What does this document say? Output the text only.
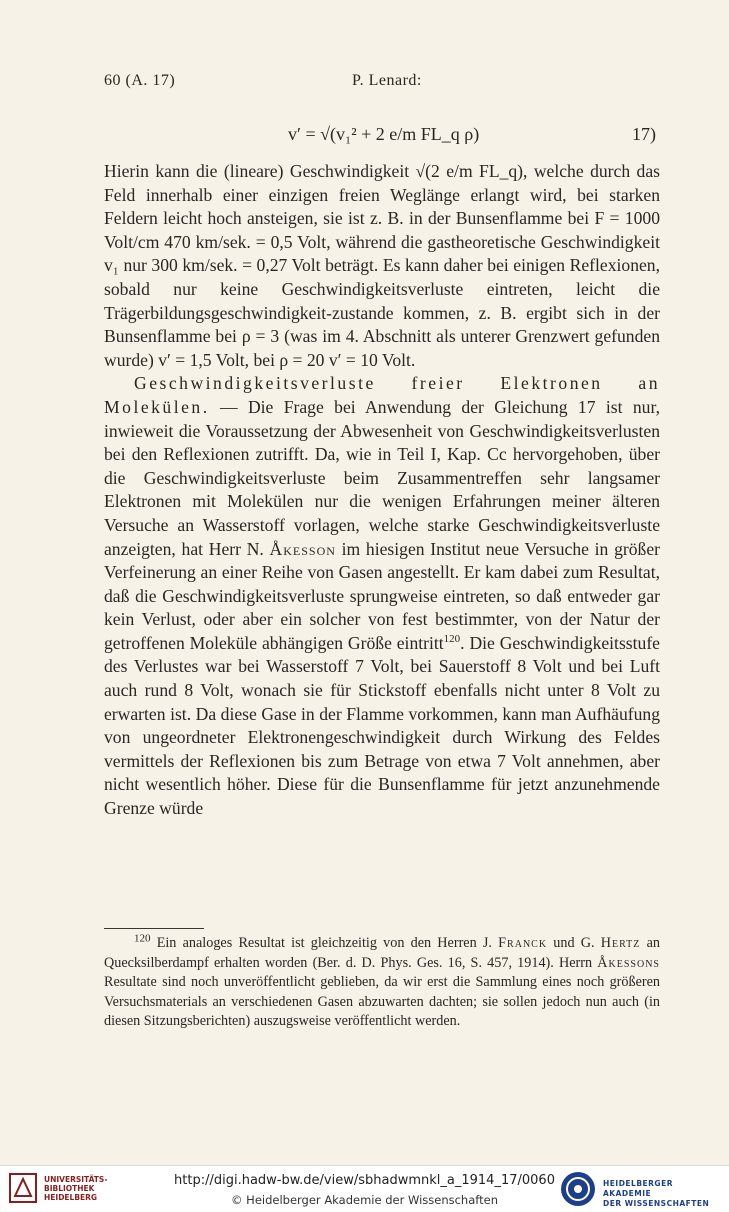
60 (A. 17)	P. Lenard:
v′ = √(v₁² + 2 e/m FL_q ρ)	17)

Hierin kann die (lineare) Geschwindigkeit √(2 e/m FL_q), welche durch das Feld innerhalb einer einzigen freien Weglänge erlangt wird, bei starken Feldern leicht hoch ansteigen, sie ist z. B. in der Bunsenflamme bei F = 1000 Volt/cm 470 km/sek. = 0,5 Volt, während die gastheoretische Geschwindigkeit v₁ nur 300 km/sek. = 0,27 Volt beträgt. Es kann daher bei einigen Reflexionen, sobald nur keine Geschwindigkeitsverluste eintreten, leicht die Trägerbildungsgeschwindigkeit-zustande kommen, z. B. ergibt sich in der Bunsenflamme bei ρ = 3 (was im 4. Abschnitt als unterer Grenzwert gefunden wurde) v′ = 1,5 Volt, bei ρ = 20 v′ = 10 Volt.

Geschwindigkeitsverluste freier Elektronen an Molekülen. — Die Frage bei Anwendung der Gleichung 17 ist nur, inwieweit die Voraussetzung der Abwesenheit von Geschwindigkeitsverlusten bei den Reflexionen zutrifft. Da, wie in Teil I, Kap. Cc hervorgehoben, über die Geschwindigkeitsverluste beim Zusammentreffen sehr langsamer Elektronen mit Molekülen nur die wenigen Erfahrungen meiner älteren Versuche an Wasserstoff vorlagen, welche starke Geschwindigkeitsverluste anzeigten, hat Herr N. Åkesson im hiesigen Institut neue Versuche in größer Verfeinerung an einer Reihe von Gasen angestellt. Er kam dabei zum Resultat, daß die Geschwindigkeitsverluste sprungweise eintreten, so daß entweder gar kein Verlust, oder aber ein solcher von fest bestimmter, von der Natur der getroffenen Moleküle abhängigen Größe eintritt$^{120}$. Die Geschwindigkeitsstufe des Verlustes war bei Wasserstoff 7 Volt, bei Sauerstoff 8 Volt und bei Luft auch rund 8 Volt, wonach sie für Stickstoff ebenfalls nicht unter 8 Volt zu erwarten ist. Da diese Gase in der Flamme vorkommen, kann man Aufhäufung von ungeordneter Elektronengeschwindigkeit durch Wirkung des Feldes vermittels der Reflexionen bis zum Betrage von etwa 7 Volt annehmen, aber nicht wesentlich höher. Diese für die Bunsenflamme für jetzt anzunehmende Grenze würde

$^{120}$ Ein analoges Resultat ist gleichzeitig von den Herren J. Franck und G. Hertz an Quecksilberdampf erhalten worden (Ber. d. D. Phys. Ges. 16, S. 457, 1914). Herrn Åkessons Resultate sind noch unveröffentlicht geblieben, da wir erst die Sammlung eines noch größeren Versuchsmaterials an verschiedenen Gasen abzuwarten dachten; sie sollen jedoch nun auch (in diesen Sitzungsberichten) auszugsweise veröffentlicht werden.

UNIVERSITÄTS-
BIBLIOTHEK
HEIDELBERG
http://digi.hadw-bw.de/view/sbhadwmnkl_a_1914_17/0060
© Heidelberger Akademie der Wissenschaften
HEIDELBERGER AKADEMIE
DER WISSENSCHAFTEN
